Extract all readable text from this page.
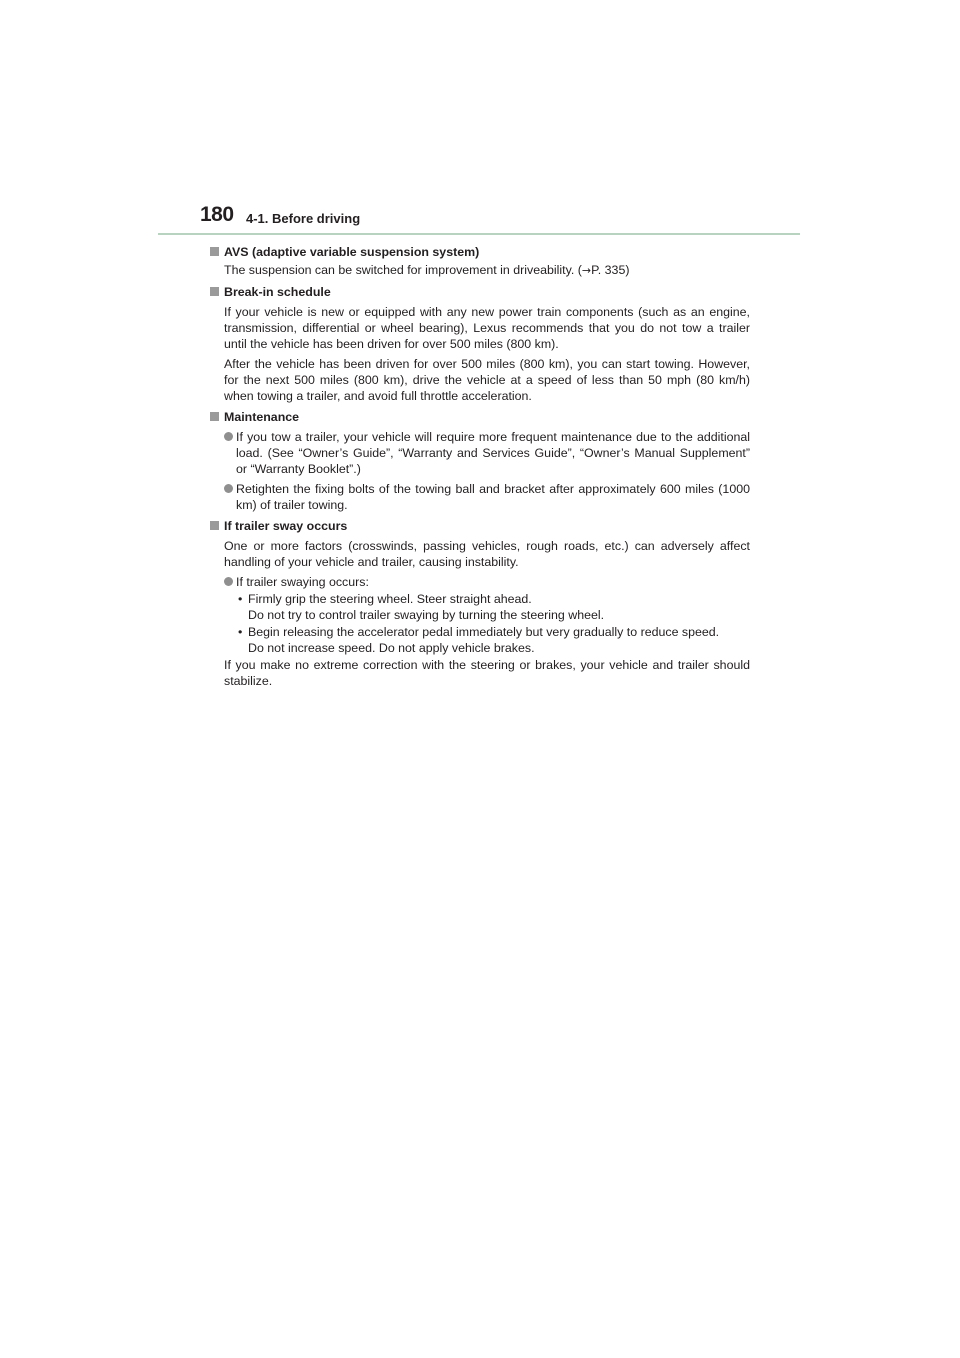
180 4-1. Before driving

AVS (adaptive variable suspension system)

The suspension can be switched for improvement in driveability. (→P. 335)

Break-in schedule

If your vehicle is new or equipped with any new power train components (such as an engine, transmission, differential or wheel bearing), Lexus recommends that you do not tow a trailer until the vehicle has been driven for over 500 miles (800 km).

After the vehicle has been driven for over 500 miles (800 km), you can start towing. However, for the next 500 miles (800 km), drive the vehicle at a speed of less than 50 mph (80 km/h) when towing a trailer, and avoid full throttle acceleration.

Maintenance

If you tow a trailer, your vehicle will require more frequent maintenance due to the additional load. (See “Owner’s Guide”, “Warranty and Services Guide”, “Owner’s Manual Supplement” or “Warranty Booklet”.)
Retighten the fixing bolts of the towing ball and bracket after approximately 600 miles (1000 km) of trailer towing.

If trailer sway occurs

One or more factors (crosswinds, passing vehicles, rough roads, etc.) can adversely affect handling of your vehicle and trailer, causing instability.

If trailer swaying occurs:
• Firmly grip the steering wheel. Steer straight ahead.
Do not try to control trailer swaying by turning the steering wheel.
• Begin releasing the accelerator pedal immediately but very gradually to reduce speed.
Do not increase speed. Do not apply vehicle brakes.

If you make no extreme correction with the steering or brakes, your vehicle and trailer should stabilize.
